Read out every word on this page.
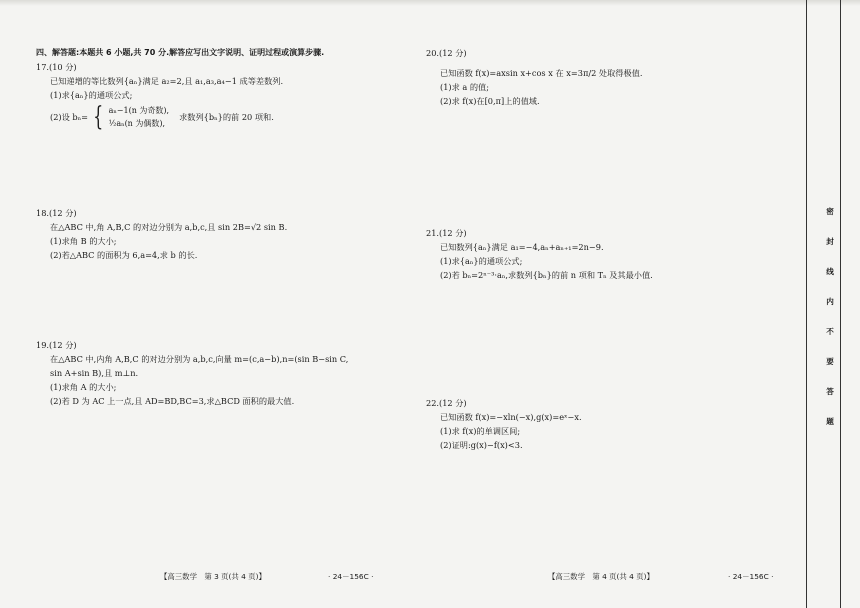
四、解答题:本题共 6 小题,共 70 分.解答应写出文字说明、证明过程或演算步骤.
17.(10 分)
已知递增的等比数列{aₙ}满足 a₂=2,且 a₁,a₃,a₄−1 成等差数列.
(1)求{aₙ}的通项公式;
(2)设 bₙ= { aₙ−1(n 为奇数),
½aₙ(n 为偶数),
求数列{bₙ}的前 20 项和.
18.(12 分)
在△ABC 中,角 A,B,C 的对边分别为 a,b,c,且 sin 2B=√2 sin B.
(1)求角 B 的大小;
(2)若△ABC 的面积为 6,a=4,求 b 的长.
19.(12 分)
在△ABC 中,内角 A,B,C 的对边分别为 a,b,c,向量 m=(c,a−b),n=(sin B−sin C,
sin A+sin B),且 m⊥n.
(1)求角 A 的大小;
(2)若 D 为 AC 上一点,且 AD=BD,BC=3,求△BCD 面积的最大值.
20.(12 分)
已知函数 f(x)=axsin x+cos x 在 x=3π/2 处取得极值.
(1)求 a 的值;
(2)求 f(x)在[0,π]上的值域.
21.(12 分)
已知数列{aₙ}满足 a₁=−4,aₙ+aₙ₊₁=2n−9.
(1)求{aₙ}的通项公式;
(2)若 bₙ=2ⁿ⁻³·aₙ,求数列{bₙ}的前 n 项和 Tₙ 及其最小值.
22.(12 分)
已知函数 f(x)=−xln(−x),g(x)=eˣ−x.
(1)求 f(x)的单调区间;
(2)证明:g(x)−f(x)<3.
【高三数学　第 3 页(共 4 页)】	· 24－156C ·	【高三数学　第 4 页(共 4 页)】	· 24－156C ·
密
封
线
内
不
要
答
题
